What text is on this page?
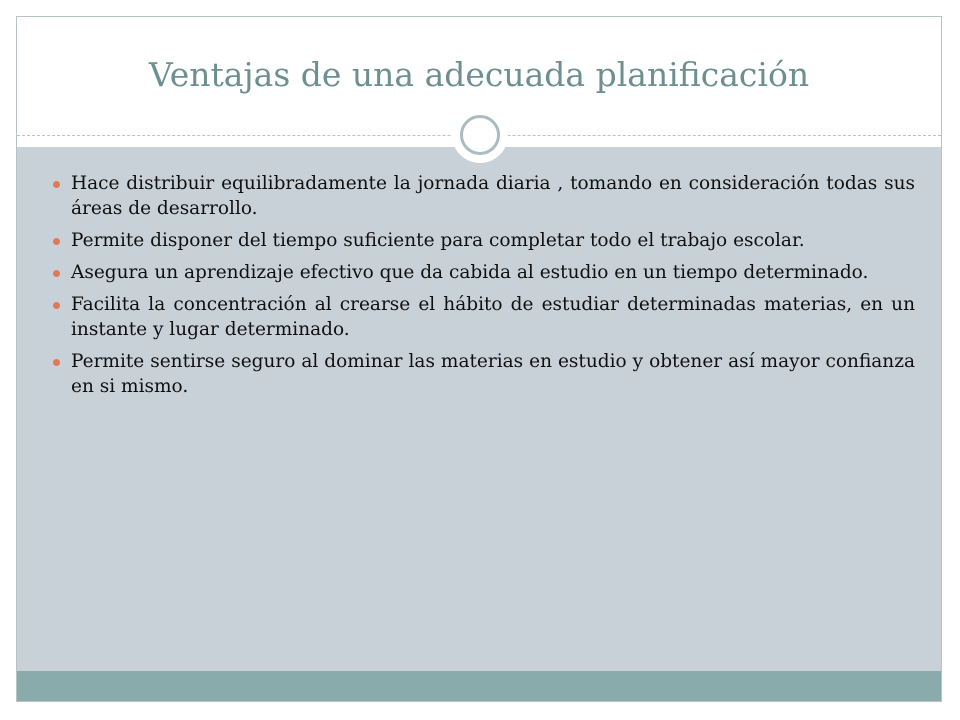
Ventajas de una adecuada planificación
Hace distribuir equilibradamente la jornada diaria , tomando en consideración todas sus áreas de desarrollo.
Permite disponer del tiempo suficiente para completar todo el trabajo escolar.
Asegura un aprendizaje efectivo que da cabida al estudio en un tiempo determinado.
Facilita la concentración al crearse el hábito de estudiar determinadas materias, en un instante y lugar determinado.
Permite sentirse seguro al dominar las materias en estudio y obtener así mayor confianza en si mismo.
